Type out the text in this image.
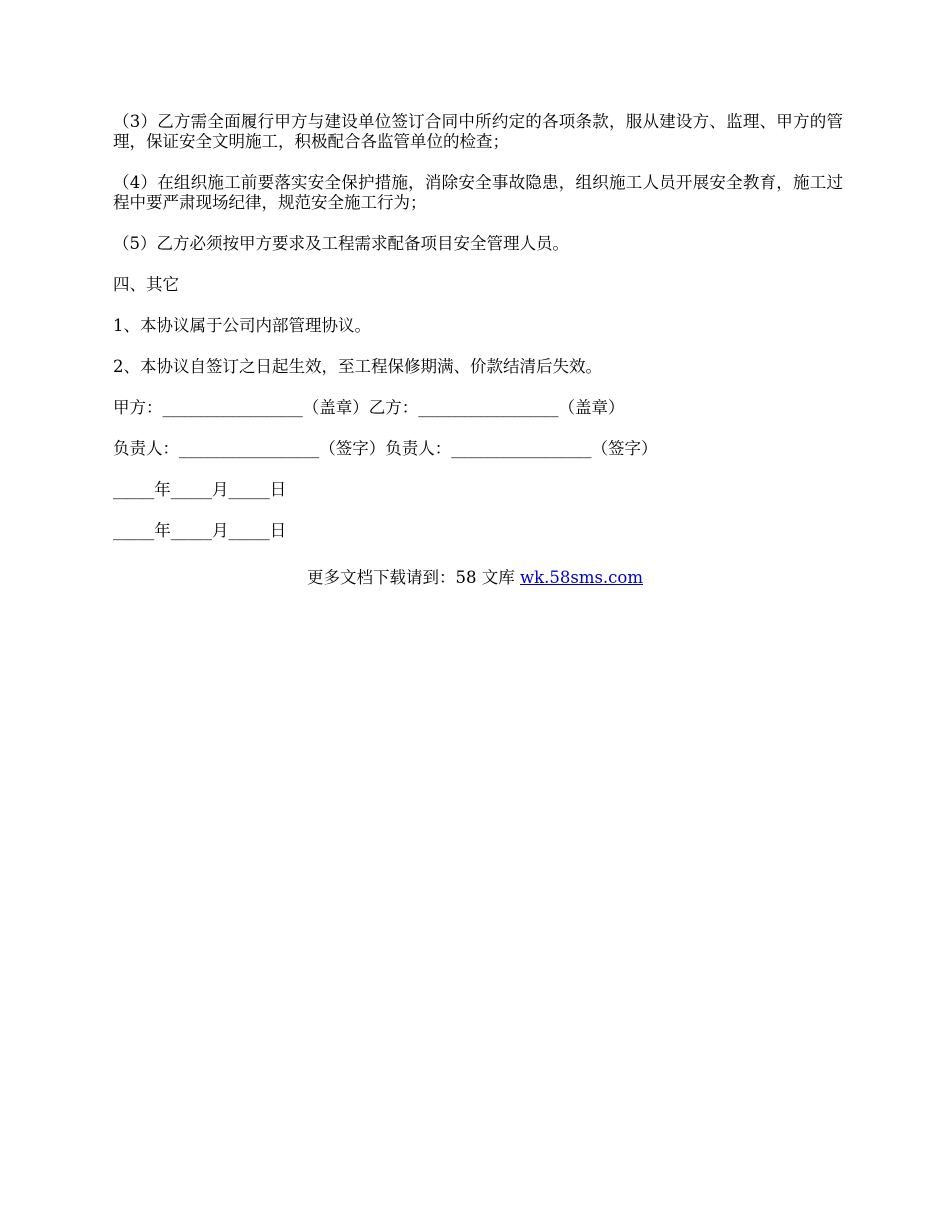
（3）乙方需全面履行甲方与建设单位签订合同中所约定的各项条款，服从建设方、监理、甲方的管理，保证安全文明施工，积极配合各监管单位的检查；

（4）在组织施工前要落实安全保护措施，消除安全事故隐患，组织施工人员开展安全教育，施工过程中要严肃现场纪律，规范安全施工行为；

（5）乙方必须按甲方要求及工程需求配备项目安全管理人员。

四、其它

1、本协议属于公司内部管理协议。

2、本协议自签订之日起生效，至工程保修期满、价款结清后失效。

甲方：_________________（盖章）乙方：_________________（盖章）

负责人：_________________（签字）负责人：_________________（签字）

_____年_____月_____日

_____年_____月_____日

更多文档下载请到：58 文库 wk.58sms.com
